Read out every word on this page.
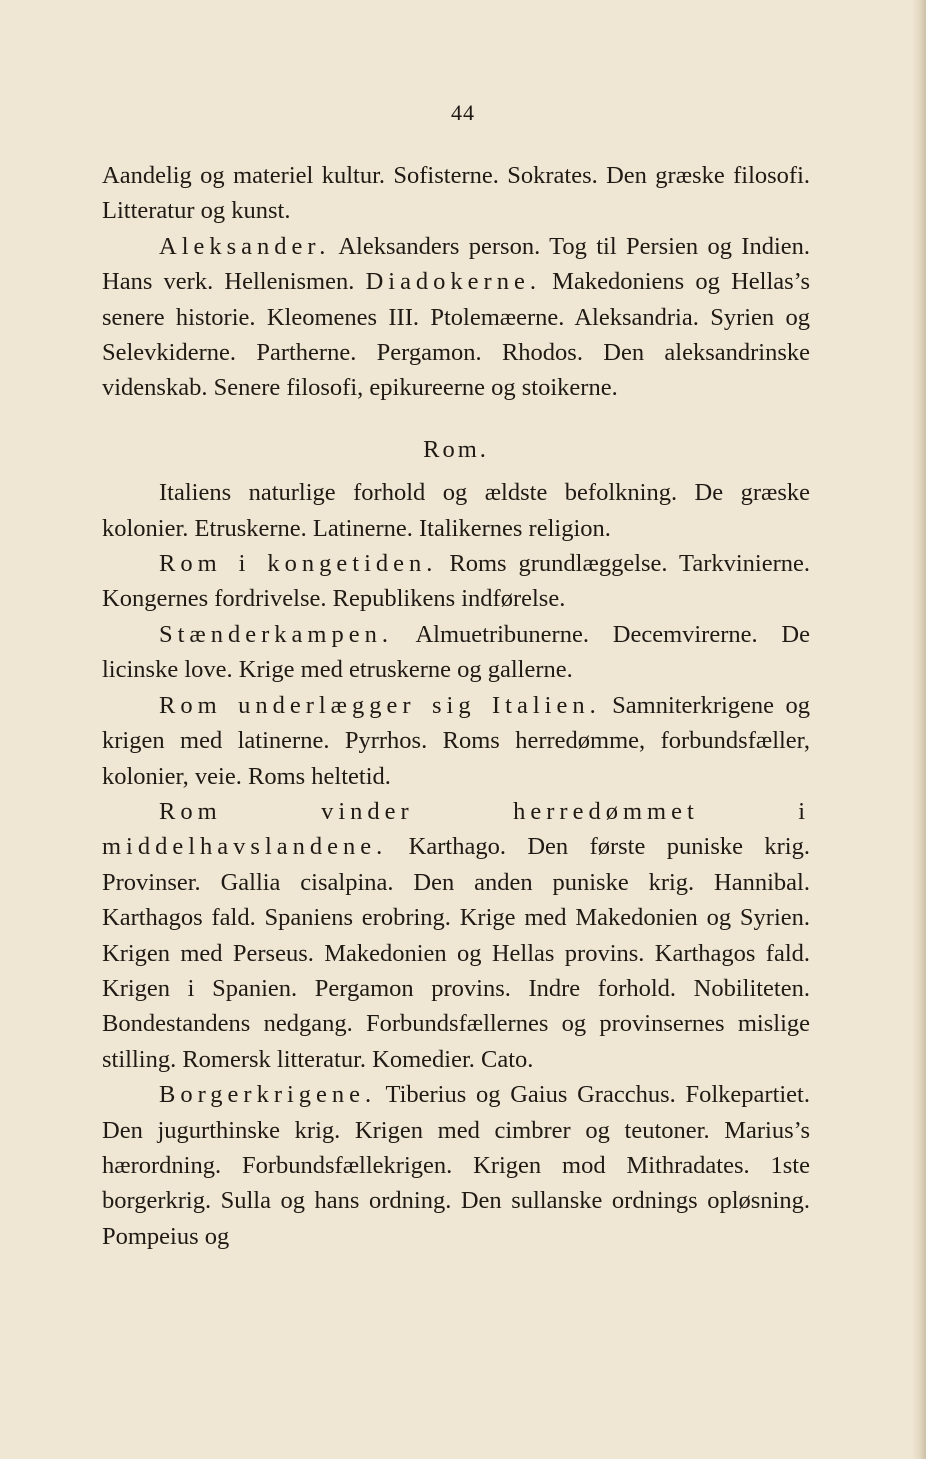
44

Aandelig og materiel kultur. Sofisterne. Sokrates. Den græske filosofi. Litteratur og kunst.

Aleksander. Aleksanders person. Tog til Persien og Indien. Hans verk. Hellenismen. Diadokerne. Makedoniens og Hellas’s senere historie. Kleomenes III. Ptolemæerne. Aleksandria. Syrien og Selevkiderne. Partherne. Pergamon. Rhodos. Den aleksandrinske videnskab. Senere filosofi, epikureerne og stoikerne.

Rom.

Italiens naturlige forhold og ældste befolkning. De græske kolonier. Etruskerne. Latinerne. Italikernes religion.

Rom i kongetiden. Roms grundlæggelse. Tarkvinierne. Kongernes fordrivelse. Republikens indførelse.

Stænderkampen. Almuetribunerne. Decemvirerne. De licinske love. Krige med etruskerne og gallerne.

Rom underlægger sig Italien. Samniterkrigene og krigen med latinerne. Pyrrhos. Roms herredømme, forbundsfæller, kolonier, veie. Roms heltetid.

Rom vinder herredømmet i middelhavslandene. Karthago. Den første puniske krig. Provinser. Gallia cisalpina. Den anden puniske krig. Hannibal. Karthagos fald. Spaniens erobring. Krige med Makedonien og Syrien. Krigen med Perseus. Makedonien og Hellas provins. Karthagos fald. Krigen i Spanien. Pergamon provins. Indre forhold. Nobiliteten. Bondestandens nedgang. Forbundsfællernes og provinsernes mislige stilling. Romersk litteratur. Komedier. Cato.

Borgerkrigene. Tiberius og Gaius Gracchus. Folkepartiet. Den jugurthinske krig. Krigen med cimbrer og teutoner. Marius’s hærordning. Forbundsfællekrigen. Krigen mod Mithradates. 1ste borgerkrig. Sulla og hans ordning. Den sullanske ordnings opløsning. Pompeius og
